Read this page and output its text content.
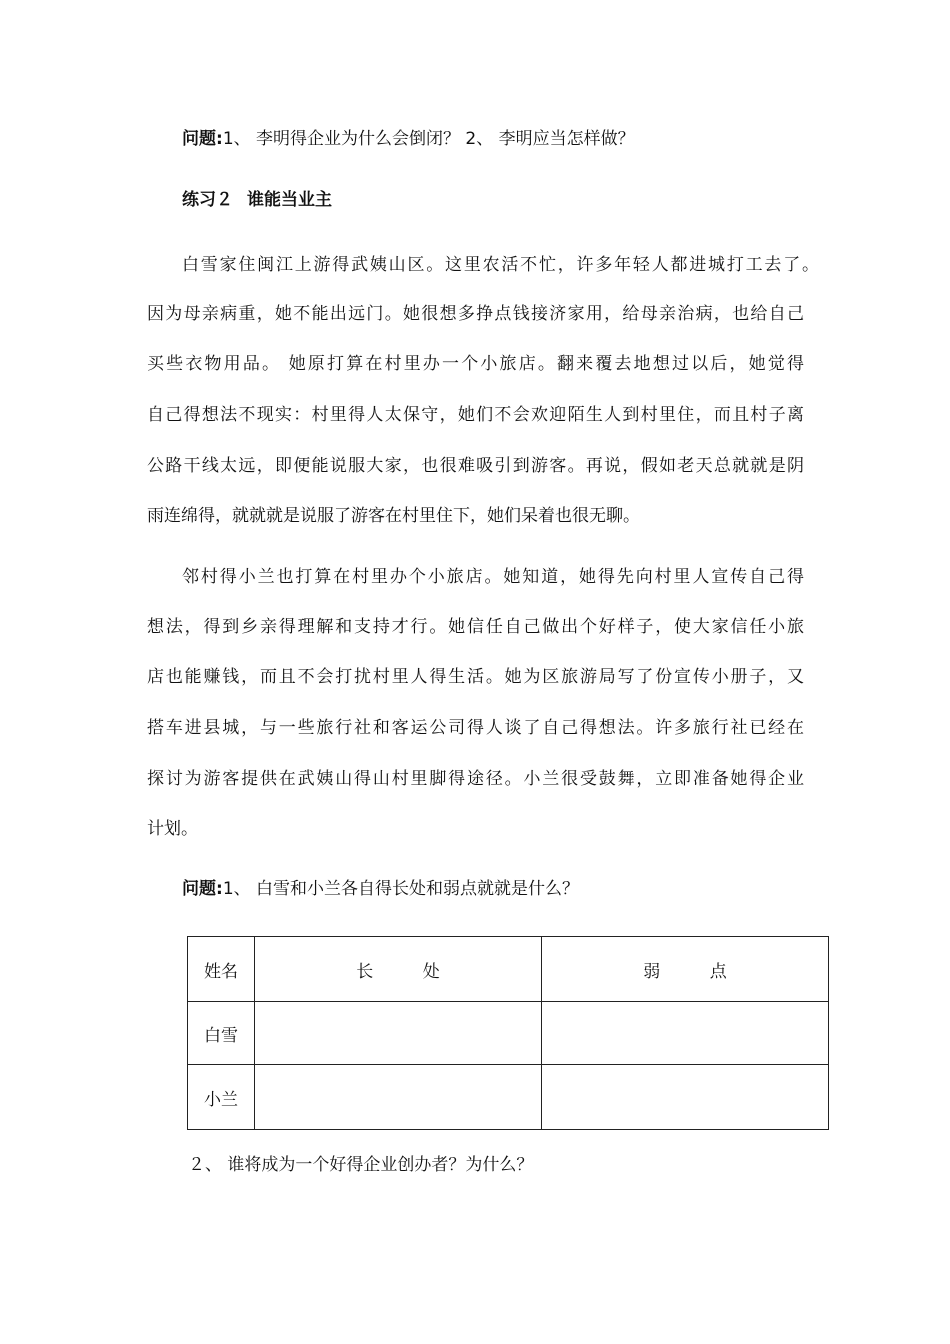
问题:1、 李明得企业为什么会倒闭？ 2、 李明应当怎样做？
练习２ 谁能当业主
白雪家住闽江上游得武姨山区。这里农活不忙，许多年轻人都进城打工去了。
因为母亲病重，她不能出远门。她很想多挣点钱接济家用，给母亲治病，也给自己
买些衣物用品。 她原打算在村里办一个小旅店。翻来覆去地想过以后，她觉得
自己得想法不现实：村里得人太保守，她们不会欢迎陌生人到村里住，而且村子离
公路干线太远，即便能说服大家，也很难吸引到游客。再说，假如老天总就就是阴
雨连绵得，就就就是说服了游客在村里住下，她们呆着也很无聊。
邻村得小兰也打算在村里办个小旅店。她知道，她得先向村里人宣传自己得
想法，得到乡亲得理解和支持才行。她信任自己做出个好样子，使大家信任小旅
店也能赚钱，而且不会打扰村里人得生活。她为区旅游局写了份宣传小册子，又
搭车进县城，与一些旅行社和客运公司得人谈了自己得想法。许多旅行社已经在
探讨为游客提供在武姨山得山村里脚得途径。小兰很受鼓舞，立即准备她得企业
计划。
问题:1、 白雪和小兰各自得长处和弱点就就是什么？
姓名	长 处	弱 点
白雪		
小兰		
２、 谁将成为一个好得企业创办者？为什么？
